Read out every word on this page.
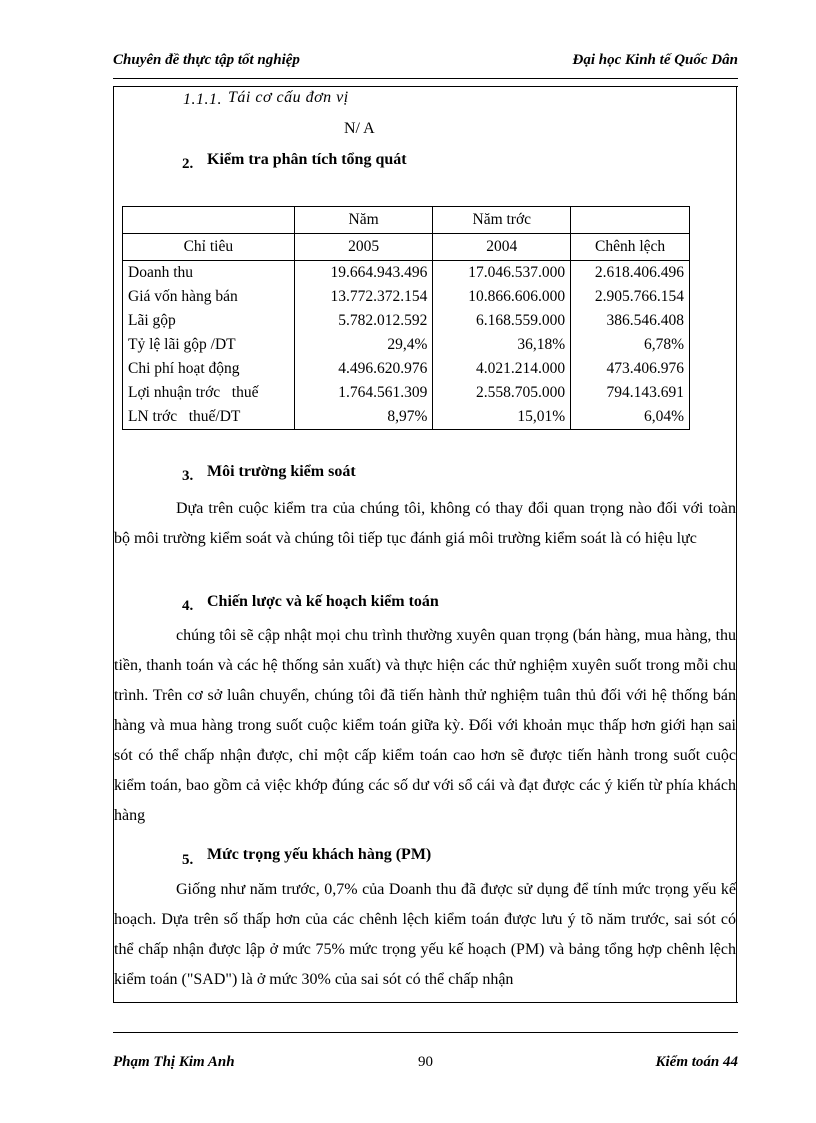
Chuyên đề thực tập tốt nghiệp	Đại học Kinh tế Quốc Dân
1.1.1. Tái cơ cấu đơn vị
N/ A
2. Kiểm tra phân tích tổng quát
	Năm	Năm trớc	
Chỉ tiêu	2005	2004	Chênh lệch
Doanh thu	19.664.943.496	17.046.537.000	2.618.406.496
Giá vốn hàng bán	13.772.372.154	10.866.606.000	2.905.766.154
Lãi gộp	5.782.012.592	6.168.559.000	386.546.408
Tỷ lệ lãi gộp /DT	29,4%	36,18%	6,78%
Chi phí hoạt động	4.496.620.976	4.021.214.000	473.406.976
Lợi nhuận trớc   thuế	1.764.561.309	2.558.705.000	794.143.691
LN trớc   thuế/DT	8,97%	15,01%	6,04%
3. Môi trường kiểm soát
Dựa trên cuộc kiểm tra của chúng tôi, không có thay đổi quan trọng nào đối với toàn bộ môi trường kiểm soát và chúng tôi tiếp tục đánh giá môi trường kiểm soát là có hiệu lực
4. Chiến lược và kế hoạch kiểm toán
chúng tôi sẽ cập nhật mọi chu trình thường xuyên quan trọng (bán hàng, mua hàng, thu tiền, thanh toán và các hệ thống sản xuất) và thực hiện các thử nghiệm xuyên suốt trong mỗi chu trình. Trên cơ sở luân chuyển, chúng tôi đã tiến hành thử nghiệm tuân thủ đối với hệ thống bán hàng và mua hàng trong suốt cuộc kiểm toán giữa kỳ. Đối với khoản mục thấp hơn giới hạn sai sót có thể chấp nhận được, chỉ một cấp kiểm toán cao hơn sẽ được tiến hành trong suốt cuộc kiểm toán, bao gồm cả việc khớp đúng các số dư với sổ cái và đạt được các ý kiến từ phía khách hàng
5. Mức trọng yếu khách hàng (PM)
Giống như năm trước, 0,7% của Doanh thu đã được sử dụng để tính mức trọng yếu kế hoạch. Dựa trên số thấp hơn của các chênh lệch kiểm toán được lưu ý tõ năm trước, sai sót có thể chấp nhận được lập ở mức 75% mức trọng yếu kế hoạch (PM) và bảng tổng hợp chênh lệch kiểm toán ("SAD") là ở mức 30% của sai sót có thể chấp nhận
Phạm Thị Kim Anh	90	Kiểm toán 44
